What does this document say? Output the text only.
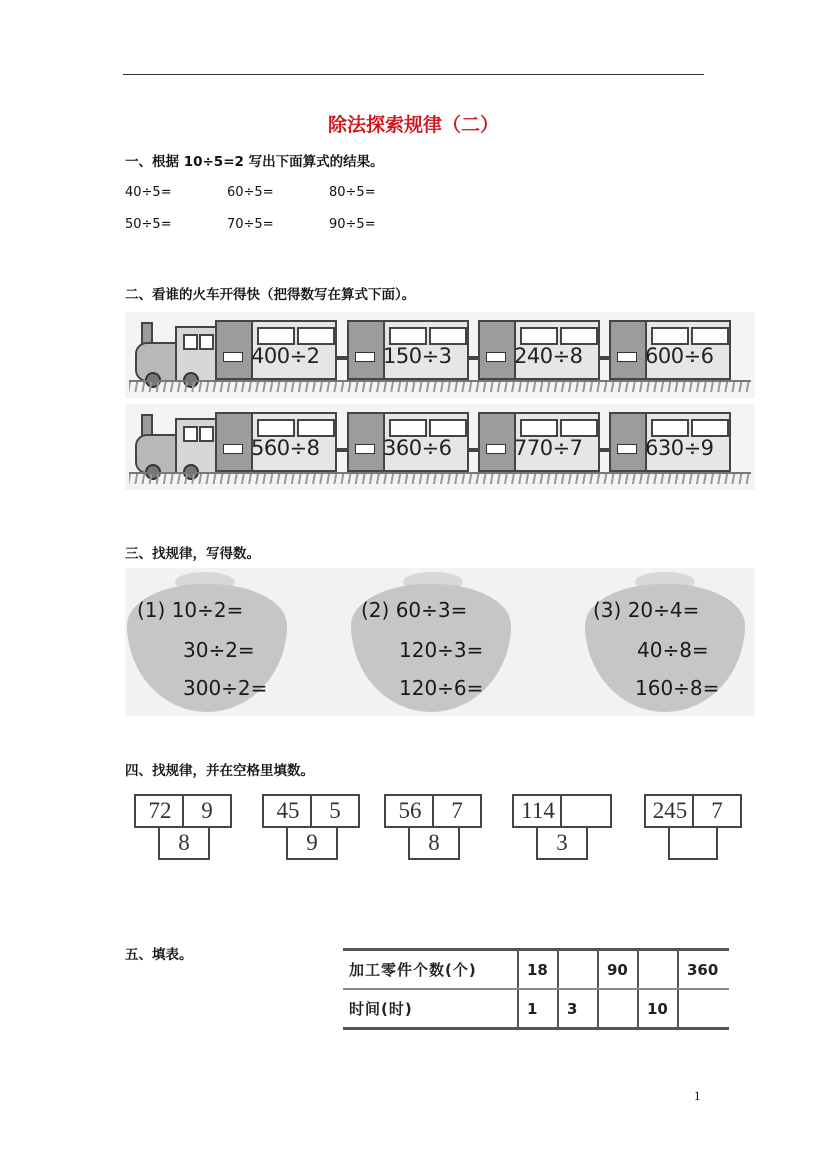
除法探索规律（二）
一、根据 10÷5=2 写出下面算式的结果。
40÷5=	60÷5=	80÷5=
50÷5=	70÷5=	90÷5=
二、看谁的火车开得快（把得数写在算式下面）。
400÷2	150÷3	240÷8	600÷6
560÷8	360÷6	770÷7	630÷9
三、找规律，写得数。
(1) 10÷2=
30÷2=
300÷2=
(2) 60÷3=
120÷3=
120÷6=
(3) 20÷4=
40÷8=
160÷8=
四、找规律，并在空格里填数。
72	9
8
45	5
9
56	7
8
114
3
245	7
五、填表。
加工零件个数(个)	18		90		360
时间(时)	1	3		10	
1
